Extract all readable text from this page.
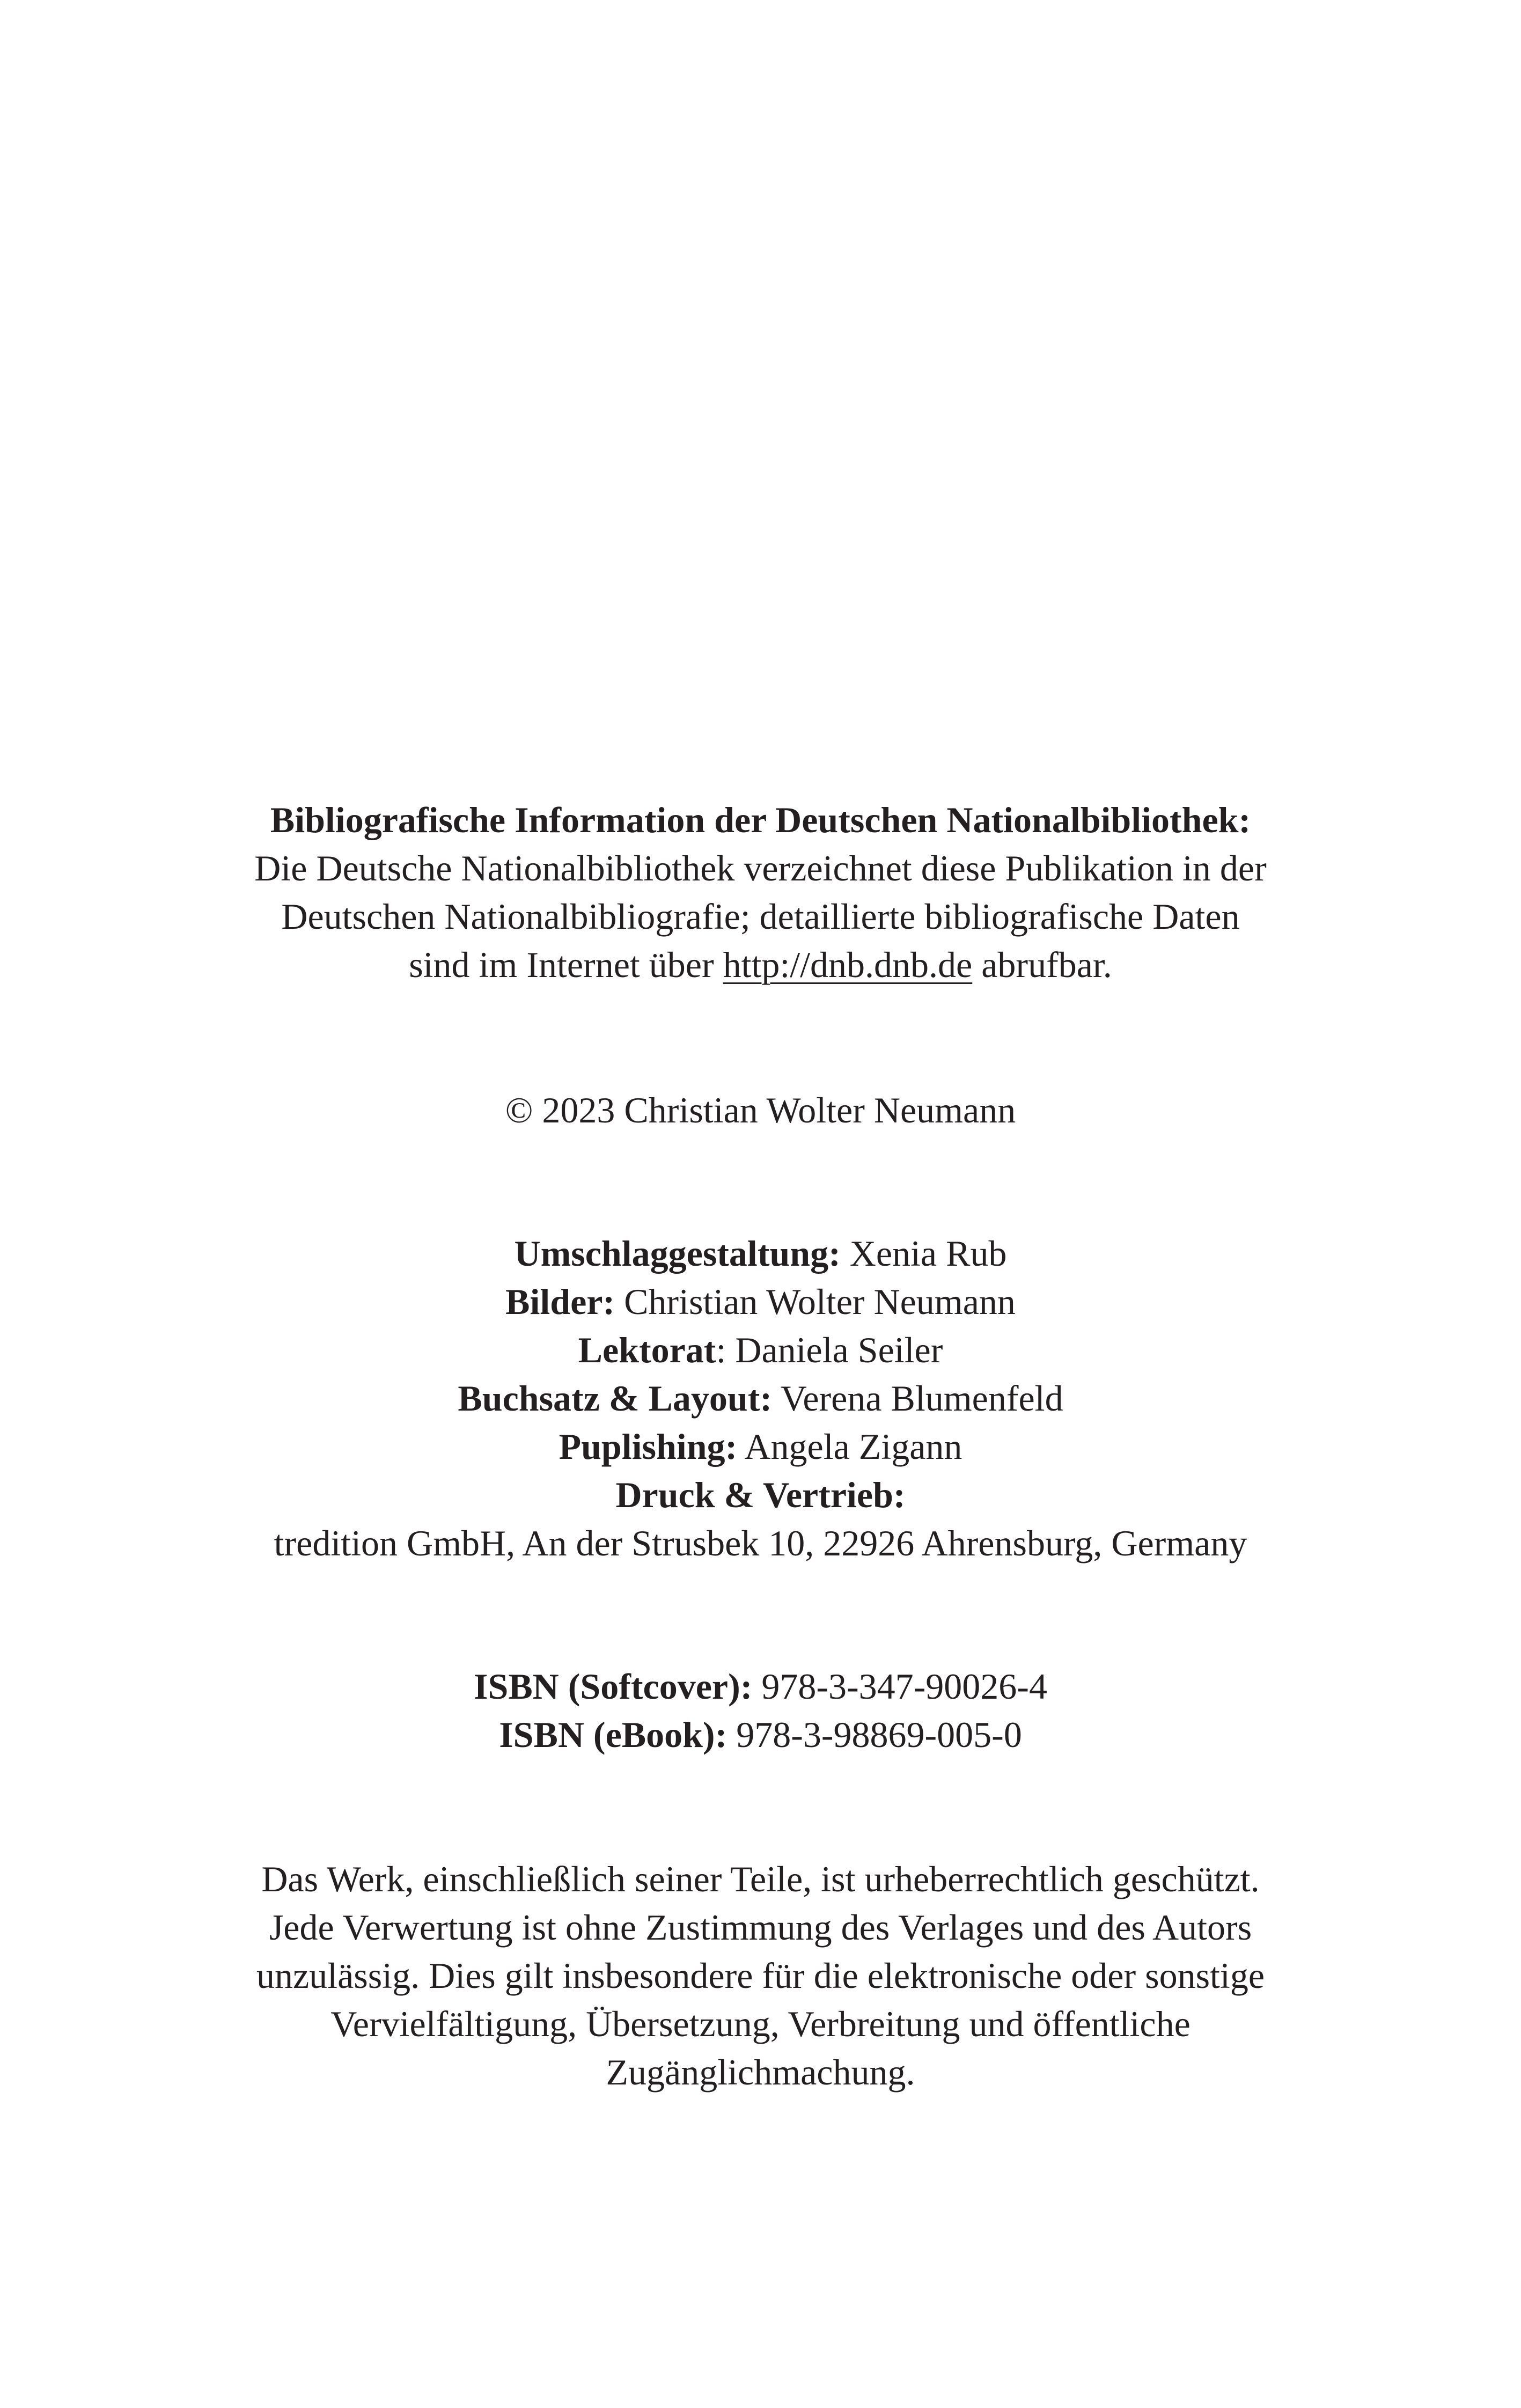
Bibliografische Information der Deutschen Nationalbibliothek:
Die Deutsche Nationalbibliothek verzeichnet diese Publikation in der
Deutschen Nationalbibliografie; detaillierte bibliografische Daten
sind im Internet über http://dnb.dnb.de abrufbar.
© 2023 Christian Wolter Neumann
Umschlaggestaltung: Xenia Rub
Bilder: Christian Wolter Neumann
Lektorat: Daniela Seiler
Buchsatz & Layout: Verena Blumenfeld
Puplishing: Angela Zigann
Druck & Vertrieb:
tredition GmbH, An der Strusbek 10, 22926 Ahrensburg, Germany
ISBN (Softcover): 978-3-347-90026-4
ISBN (eBook): 978-3-98869-005-0
Das Werk, einschließlich seiner Teile, ist urheberrechtlich geschützt.
Jede Verwertung ist ohne Zustimmung des Verlages und des Autors
unzulässig. Dies gilt insbesondere für die elektronische oder sonstige
Vervielfältigung, Übersetzung, Verbreitung und öffentliche
Zugänglichmachung.
